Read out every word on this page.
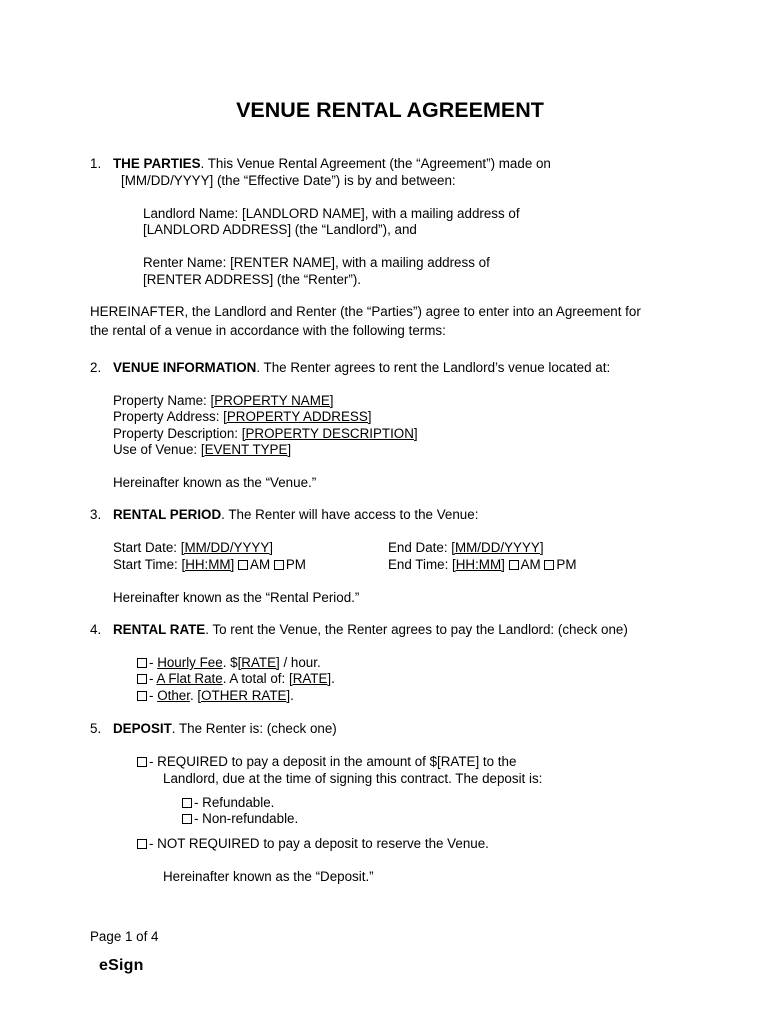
VENUE RENTAL AGREEMENT
1. THE PARTIES. This Venue Rental Agreement (the “Agreement”) made on
[MM/DD/YYYY] (the “Effective Date”) is by and between:
Landlord Name: [LANDLORD NAME], with a mailing address of
[LANDLORD ADDRESS] (the “Landlord”), and
Renter Name: [RENTER NAME], with a mailing address of
[RENTER ADDRESS] (the “Renter”).
HEREINAFTER, the Landlord and Renter (the “Parties”) agree to enter into an Agreement for
the rental of a venue in accordance with the following terms:
2. VENUE INFORMATION. The Renter agrees to rent the Landlord’s venue located at:
Property Name: [PROPERTY NAME]
Property Address: [PROPERTY ADDRESS]
Property Description: [PROPERTY DESCRIPTION]
Use of Venue: [EVENT TYPE]
Hereinafter known as the “Venue.”
3. RENTAL PERIOD. The Renter will have access to the Venue:
Start Date: [MM/DD/YYYY]	End Date: [MM/DD/YYYY]
Start Time: [HH:MM] AM PM	End Time: [HH:MM] AM PM
Hereinafter known as the “Rental Period.”
4. RENTAL RATE. To rent the Venue, the Renter agrees to pay the Landlord: (check one)
- Hourly Fee. $[RATE] / hour.
- A Flat Rate. A total of: [RATE].
- Other. [OTHER RATE].
5. DEPOSIT. The Renter is: (check one)
- REQUIRED to pay a deposit in the amount of $[RATE] to the
Landlord, due at the time of signing this contract. The deposit is:
- Refundable.
- Non-refundable.
- NOT REQUIRED to pay a deposit to reserve the Venue.
Hereinafter known as the “Deposit.”
Page 1 of 4
eSign
